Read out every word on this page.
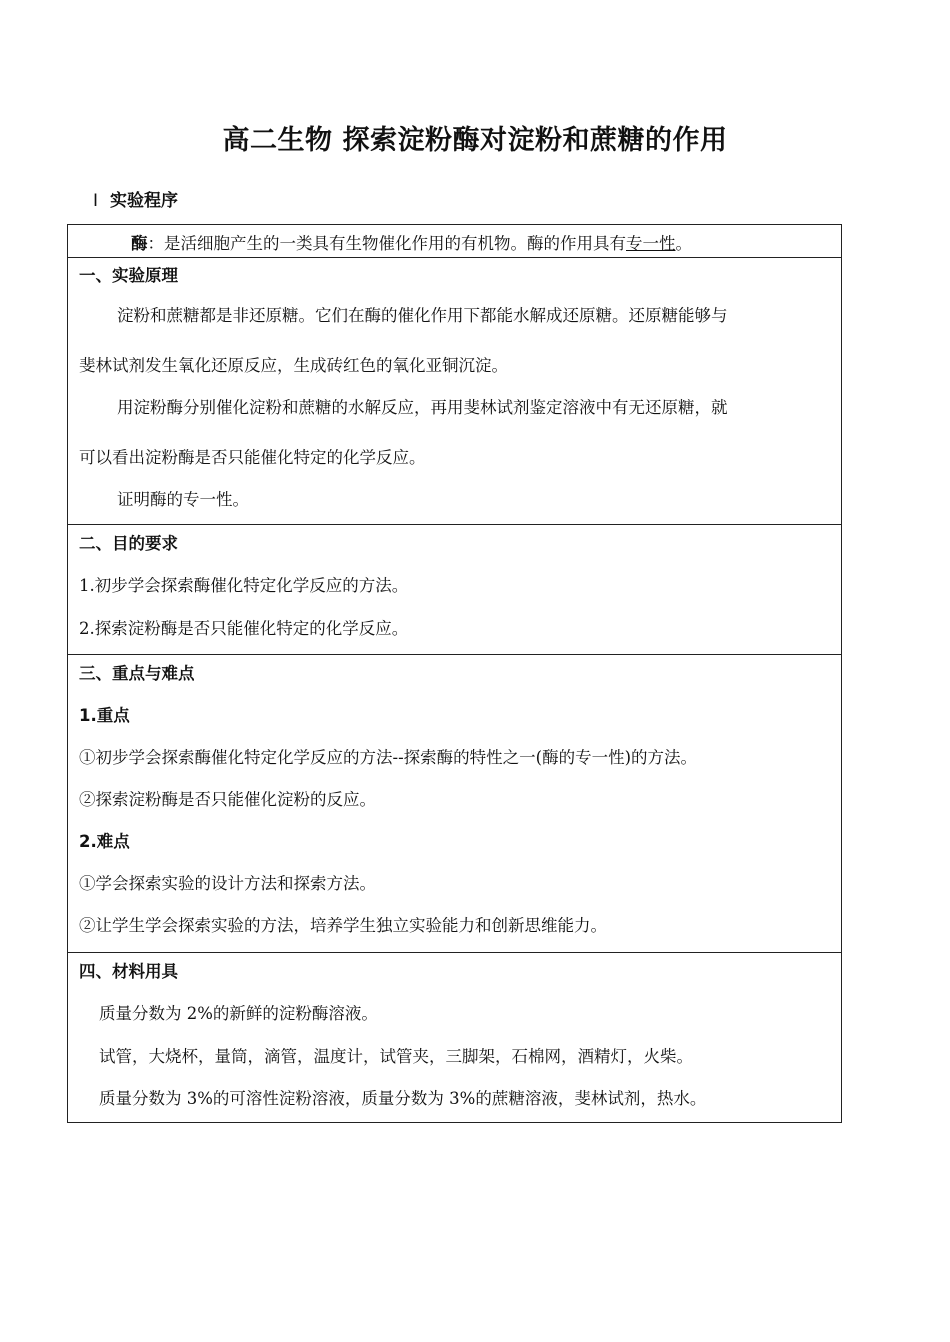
高二生物 探索淀粉酶对淀粉和蔗糖的作用
Ⅰ 实验程序
酶：是活细胞产生的一类具有生物催化作用的有机物。酶的作用具有专一性。
一、实验原理
淀粉和蔗糖都是非还原糖。它们在酶的催化作用下都能水解成还原糖。还原糖能够与
斐林试剂发生氧化还原反应，生成砖红色的氧化亚铜沉淀。
用淀粉酶分别催化淀粉和蔗糖的水解反应，再用斐林试剂鉴定溶液中有无还原糖，就
可以看出淀粉酶是否只能催化特定的化学反应。
证明酶的专一性。
二、目的要求
1.初步学会探索酶催化特定化学反应的方法。
2.探索淀粉酶是否只能催化特定的化学反应。
三、重点与难点
1.重点
①初步学会探索酶催化特定化学反应的方法--探索酶的特性之一(酶的专一性)的方法。
②探索淀粉酶是否只能催化淀粉的反应。
2.难点
①学会探索实验的设计方法和探索方法。
②让学生学会探索实验的方法，培养学生独立实验能力和创新思维能力。
四、材料用具
质量分数为 2%的新鲜的淀粉酶溶液。
试管，大烧杯，量筒，滴管，温度计，试管夹，三脚架，石棉网，酒精灯，火柴。
质量分数为 3%的可溶性淀粉溶液，质量分数为 3%的蔗糖溶液，斐林试剂，热水。
